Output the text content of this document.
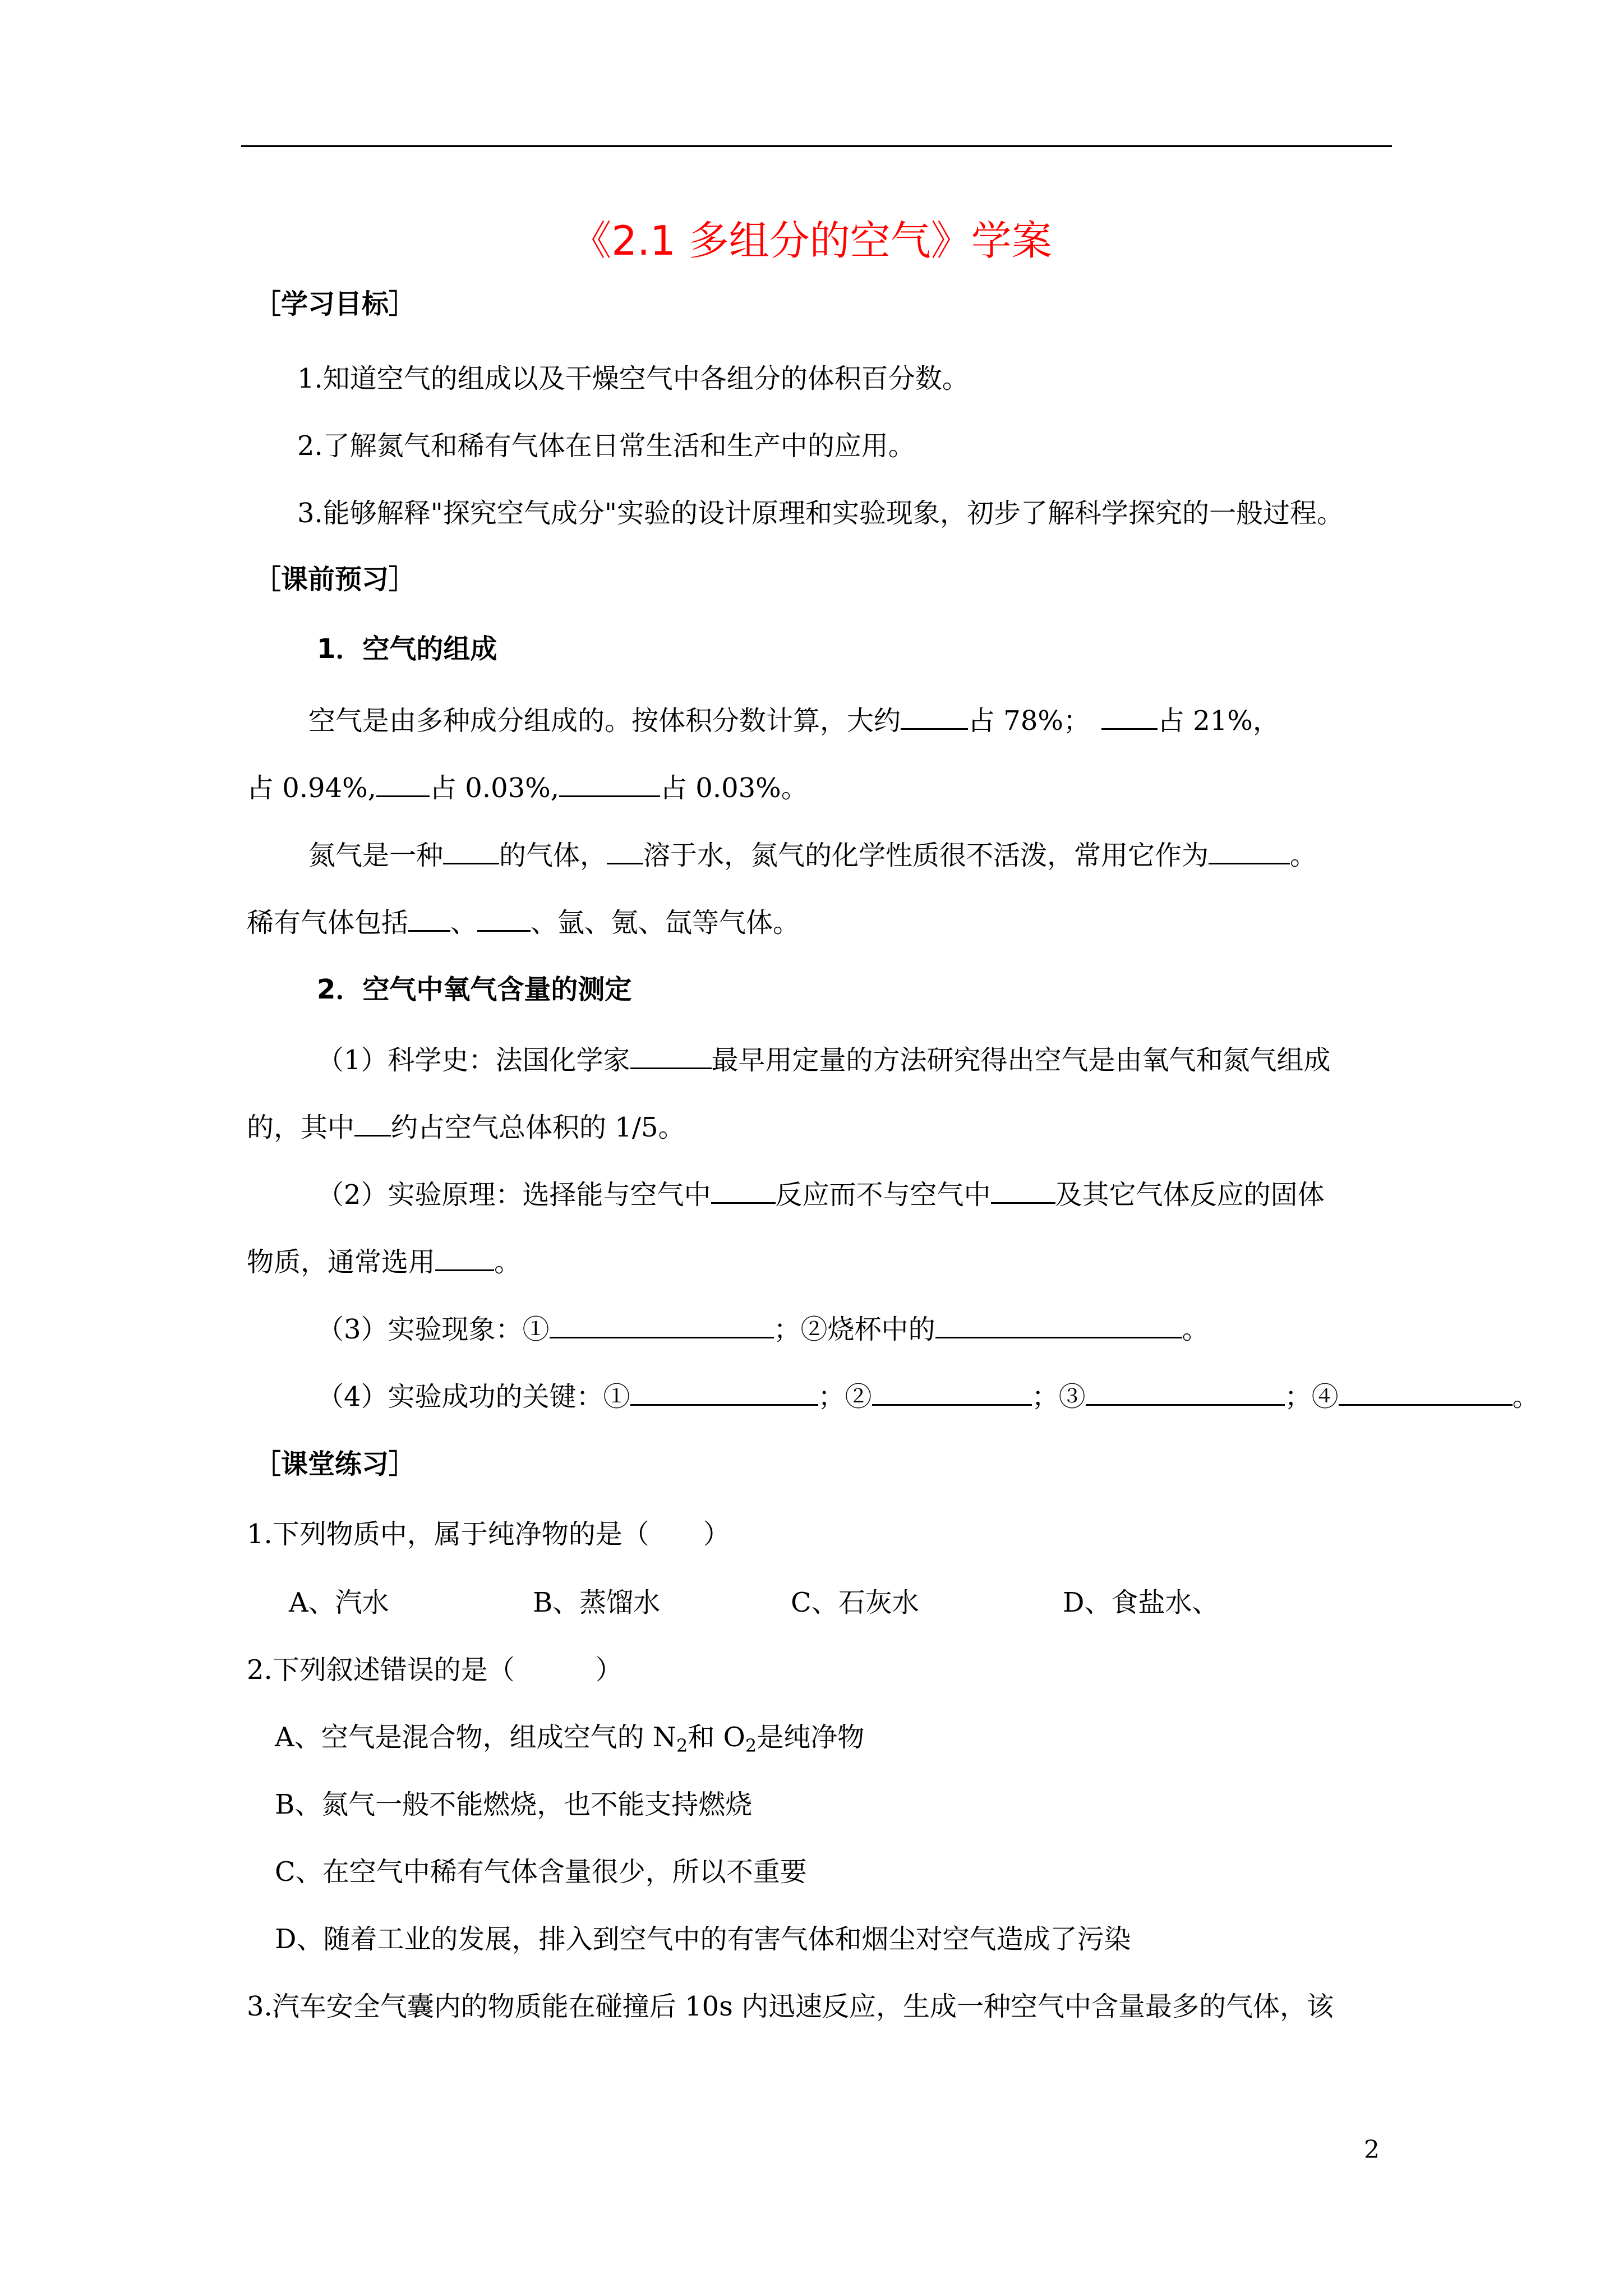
《2.1 多组分的空气》学案
［学习目标］
1.知道空气的组成以及干燥空气中各组分的体积百分数。
2.了解氮气和稀有气体在日常生活和生产中的应用。
3.能够解释"探究空气成分"实验的设计原理和实验现象，初步了解科学探究的一般过程。
［课前预习］
1．空气的组成
空气是由多种成分组成的。按体积分数计算，大约	占 78%；	占 21%，
占 0.94%, 占 0.03%,	占 0.03%。
氮气是一种 的气体， 溶于水，氮气的化学性质很不活泼，常用它作为	。
稀有气体包括 、 、氩、氪、氙等气体。
2．空气中氧气含量的测定
（1）科学史：法国化学家	最早用定量的方法研究得出空气是由氧气和氮气组成
的，其中 约占空气总体积的 1/5。
（2）实验原理：选择能与空气中 反应而不与空气中 及其它气体反应的固体
物质，通常选用 。
（3）实验现象：①	；②烧杯中的	。
（4）实验成功的关键：①	；②	；③	；④	。
［课堂练习］
1.下列物质中，属于纯净物的是（　　）
A、汽水	B、蒸馏水	C、石灰水	D、食盐水、
2.下列叙述错误的是（　　　）
A、空气是混合物，组成空气的 $N_2$和 $O_2$是纯净物
B、氮气一般不能燃烧，也不能支持燃烧
C、在空气中稀有气体含量很少，所以不重要
D、随着工业的发展，排入到空气中的有害气体和烟尘对空气造成了污染
3.汽车安全气囊内的物质能在碰撞后 10s 内迅速反应，生成一种空气中含量最多的气体，该
2
